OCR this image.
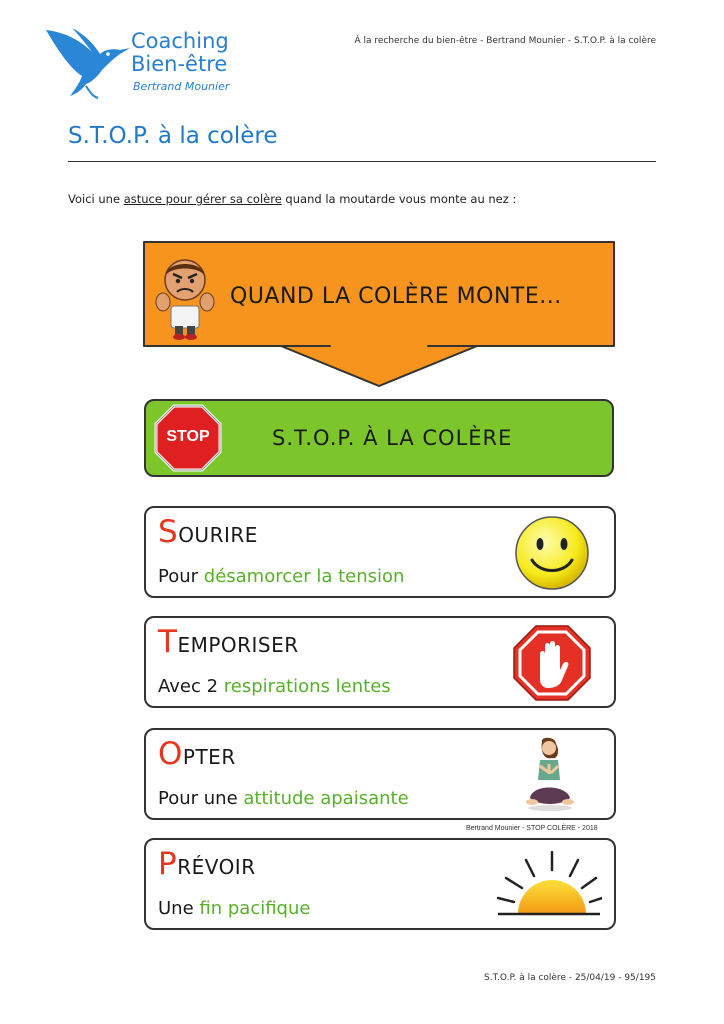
Coaching
Bien-être
Bertrand Mounier
À la recherche du bien-être - Bertrand Mounier - S.T.O.P. à la colère
S.T.O.P. à la colère
Voici une astuce pour gérer sa colère quand la moutarde vous monte au nez :
QUAND LA COLÈRE MONTE...
STOP	S.T.O.P. À LA COLÈRE
SOURIRE
Pour désamorcer la tension
TEMPORISER
Avec 2 respirations lentes
OPTER
Pour une attitude apaisante
Bertrand Mounier - STOP COLÈRE - 2018
PRÉVOIR
Une fin pacifique
S.T.O.P. à la colère - 25/04/19 - 95/195
